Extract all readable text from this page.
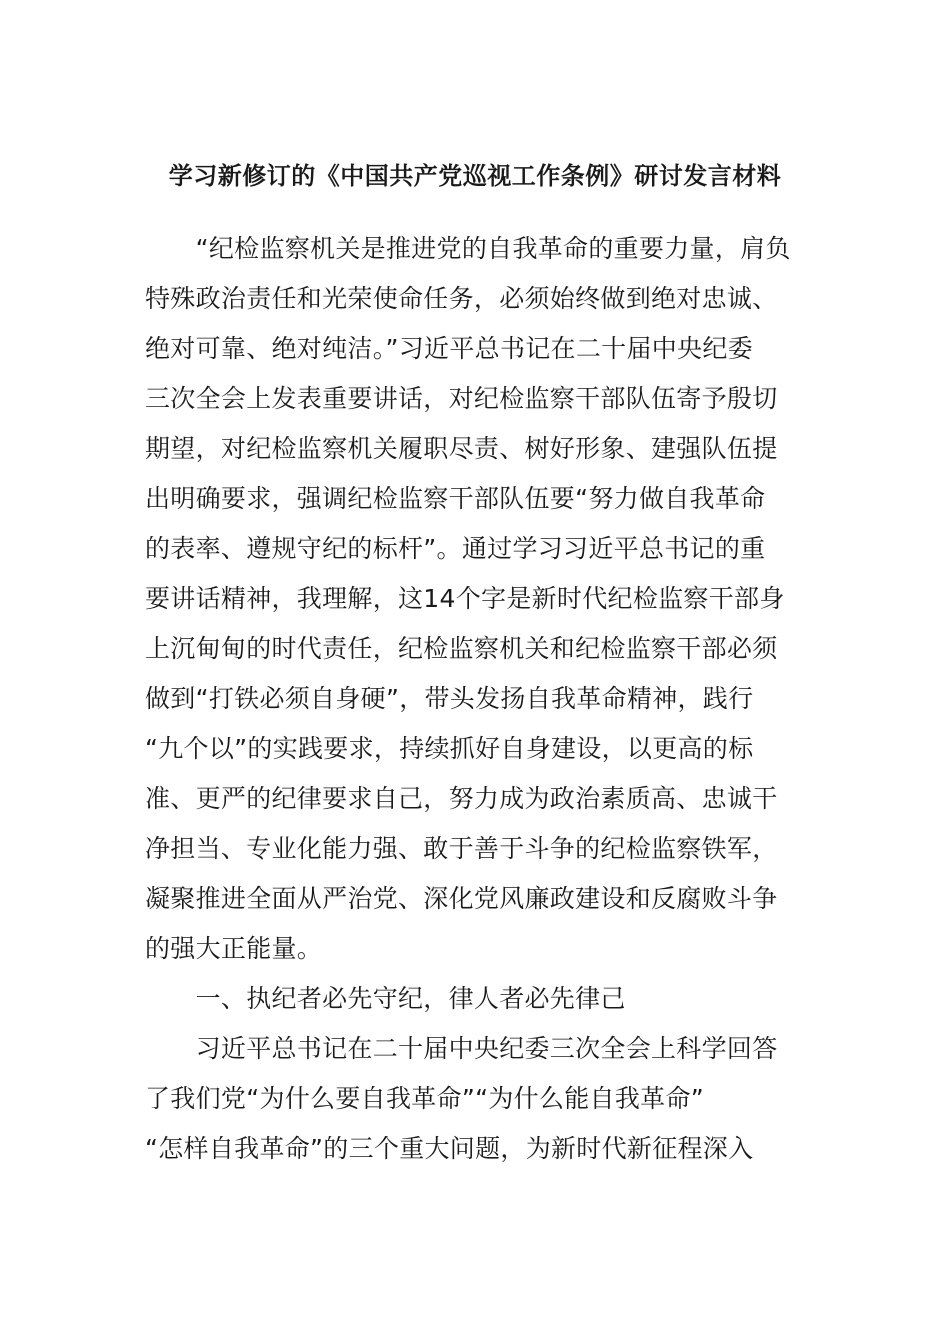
学习新修订的《中国共产党巡视工作条例》研讨发言材料
　　“纪检监察机关是推进党的自我革命的重要力量，肩负
特殊政治责任和光荣使命任务，必须始终做到绝对忠诚、
绝对可靠、绝对纯洁。”习近平总书记在二十届中央纪委
三次全会上发表重要讲话，对纪检监察干部队伍寄予殷切
期望，对纪检监察机关履职尽责、树好形象、建强队伍提
出明确要求，强调纪检监察干部队伍要“努力做自我革命
的表率、遵规守纪的标杆”。通过学习习近平总书记的重
要讲话精神，我理解，这14个字是新时代纪检监察干部身
上沉甸甸的时代责任，纪检监察机关和纪检监察干部必须
做到“打铁必须自身硬”，带头发扬自我革命精神，践行
“九个以”的实践要求，持续抓好自身建设，以更高的标
准、更严的纪律要求自己，努力成为政治素质高、忠诚干
净担当、专业化能力强、敢于善于斗争的纪检监察铁军，
凝聚推进全面从严治党、深化党风廉政建设和反腐败斗争
的强大正能量。
　　一、执纪者必先守纪，律人者必先律己
　　习近平总书记在二十届中央纪委三次全会上科学回答
了我们党“为什么要自我革命”“为什么能自我革命”
“怎样自我革命”的三个重大问题，为新时代新征程深入
